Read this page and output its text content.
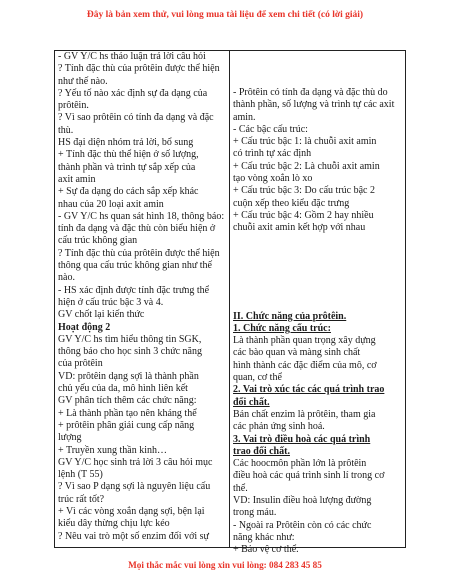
Đây là bản xem thử, vui lòng mua tài liệu để xem chi tiết (có lời giải)
- GV Y/C hs thảo luận trả lời câu hỏi
? Tính đặc thù của prôtêin được thể hiện
như thế nào.
? Yếu tố nào xác định sự đa dạng của
prôtêin.
? Vì sao prôtêin có tính đa dạng và đặc
thù.
HS đại diện nhóm trả lời, bổ sung
+ Tính đặc thù thể hiện ở số lượng,
thành phần và trình tự sắp xếp của
axit amin
+ Sự đa dạng do cách sắp xếp khác
nhau của 20 loại axit amin
- GV Y/C hs quan sát hình 18, thông báo:
tính đa dạng và đặc thù còn biểu hiện ở
cấu trúc không gian
? Tính đặc thù của prôtêin được thể hiện
thông qua cấu trúc không gian như thế
nào.
- HS xác định được tính đặc trưng thể
hiện ở cấu trúc bậc 3 và 4.
GV chốt lại kiến thức
Hoạt động 2
GV Y/C hs tìm hiểu thông tin SGK,
thông báo cho học sinh 3 chức năng
của prôtêin
VD: prôtêin dạng sợi là thành phần
chủ yếu của da, mô hình liên kết
GV phân tích thêm các chức năng:
+ Là thành phần tạo nên kháng thể
+ prôtêin phân giải cung cấp năng
lượng
+ Truyền xung thần kinh…
GV Y/C học sinh trả lời 3 câu hỏi mục
lệnh (T 55)
? Vì sao P dạng sợi là nguyên liệu cấu
trúc rất tốt?
+ Vì các vòng xoắn dạng sợi, bện lại
kiểu dây thừng chịu lực kéo
? Nêu vai trò một số enzim đối với sự
- Prôtêin có tính đa dạng và đặc thù do
thành phần, số lượng và trình tự các axit
amin.
- Các bậc cấu trúc:
+ Cấu trúc bậc 1: là chuỗi axit amin
có trình tự xác định
+ Cấu trúc bậc 2: Là chuỗi axit amin
tạo vòng xoắn lò xo
+ Cấu trúc bậc 3: Do cấu trúc bậc 2
cuộn xếp theo kiểu đặc trưng
+ Cấu trúc bậc 4: Gồm 2 hay nhiều
chuỗi axit amin kết hợp với nhau
II. Chức năng của prôtêin.
1. Chức năng cấu trúc:
Là thành phần quan trọng xây dựng
các bào quan và màng sinh chất
hình thành các đặc điểm của mô, cơ
quan, cơ thể
2. Vai trò xúc tác các quá trình trao
đổi chất.
Bản chất enzim là prôtêin, tham gia
các phản ứng sinh hoá.
3. Vai trò điều hoà các quá trình
trao đổi chất.
Các hoocmôn phần lớn là prôtêin
điều hoà các quá trình sinh lí trong cơ
thể.
VD: Insulin điều hoà lượng đường
trong máu.
- Ngoài ra Prôtêin còn có các chức
năng khác như:
+ Bảo vệ cơ thể.
Mọi thắc mắc vui lòng xin vui lòng: 084 283 45 85
